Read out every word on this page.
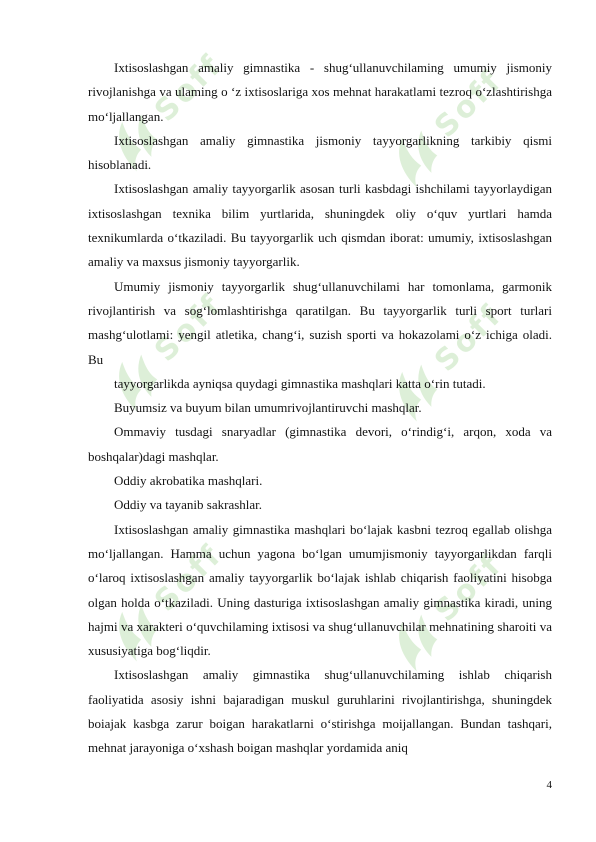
Soff	Soff
Soff	Soff
Soff	Soff

Ixtisoslashgan amaliy gimnastika - shug‘ullanuvchilaming umumiy jismoniy rivojlanishga va ulaming o ‘z ixtisoslariga xos mehnat harakatlami tezroq o‘zlashtirishga mo‘ljallangan.

Ixtisoslashgan amaliy gimnastika jismoniy tayyorgarlikning tarkibiy qismi hisoblanadi.

Ixtisoslashgan amaliy tayyorgarlik asosan turli kasbdagi ishchilami tayyorlaydigan ixtisoslashgan texnika bilim yurtlarida, shuningdek oliy o‘quv yurtlari hamda texnikumlarda o‘tkaziladi. Bu tayyorgarlik uch qismdan iborat: umumiy, ixtisoslashgan amaliy va maxsus jismoniy tayyorgarlik.

Umumiy jismoniy tayyorgarlik shug‘ullanuvchilami har tomonlama, garmonik rivojlantirish va sog‘lomlashtirishga qaratilgan. Bu tayyorgarlik turli sport turlari mashg‘ulotlami: yengil atletika, chang‘i, suzish sporti va hokazolami o‘z ichiga oladi. Bu

tayyorgarlikda ayniqsa quydagi gimnastika mashqlari katta o‘rin tutadi.

Buyumsiz va buyum bilan umumrivojlantiruvchi mashqlar.

Ommaviy tusdagi snaryadlar (gimnastika devori, o‘rindig‘i, arqon, xoda va boshqalar)dagi mashqlar.

Oddiy akrobatika mashqlari.

Oddiy va tayanib sakrashlar.

Ixtisoslashgan amaliy gimnastika mashqlari bo‘lajak kasbni tezroq egallab olishga mo‘ljallangan. Hamma uchun yagona bo‘lgan umumjismoniy tayyorgarlikdan farqli o‘laroq ixtisoslashgan amaliy tayyorgarlik bo‘lajak ishlab chiqarish faoliyatini hisobga olgan holda o‘tkaziladi. Uning dasturiga ixtisoslashgan amaliy gimnastika kiradi, uning hajmi va xarakteri o‘quvchilaming ixtisosi va shug‘ullanuvchilar mehnatining sharoiti va xususiyatiga bog‘liqdir.

Ixtisoslashgan amaliy gimnastika shug‘ullanuvchilaming ishlab chiqarish faoliyatida asosiy ishni bajaradigan muskul guruhlarini rivojlantirishga, shuningdek boiajak kasbga zarur boigan harakatlarni o‘stirishga moijallangan. Bundan tashqari, mehnat jarayoniga o‘xshash boigan mashqlar yordamida aniq

4
